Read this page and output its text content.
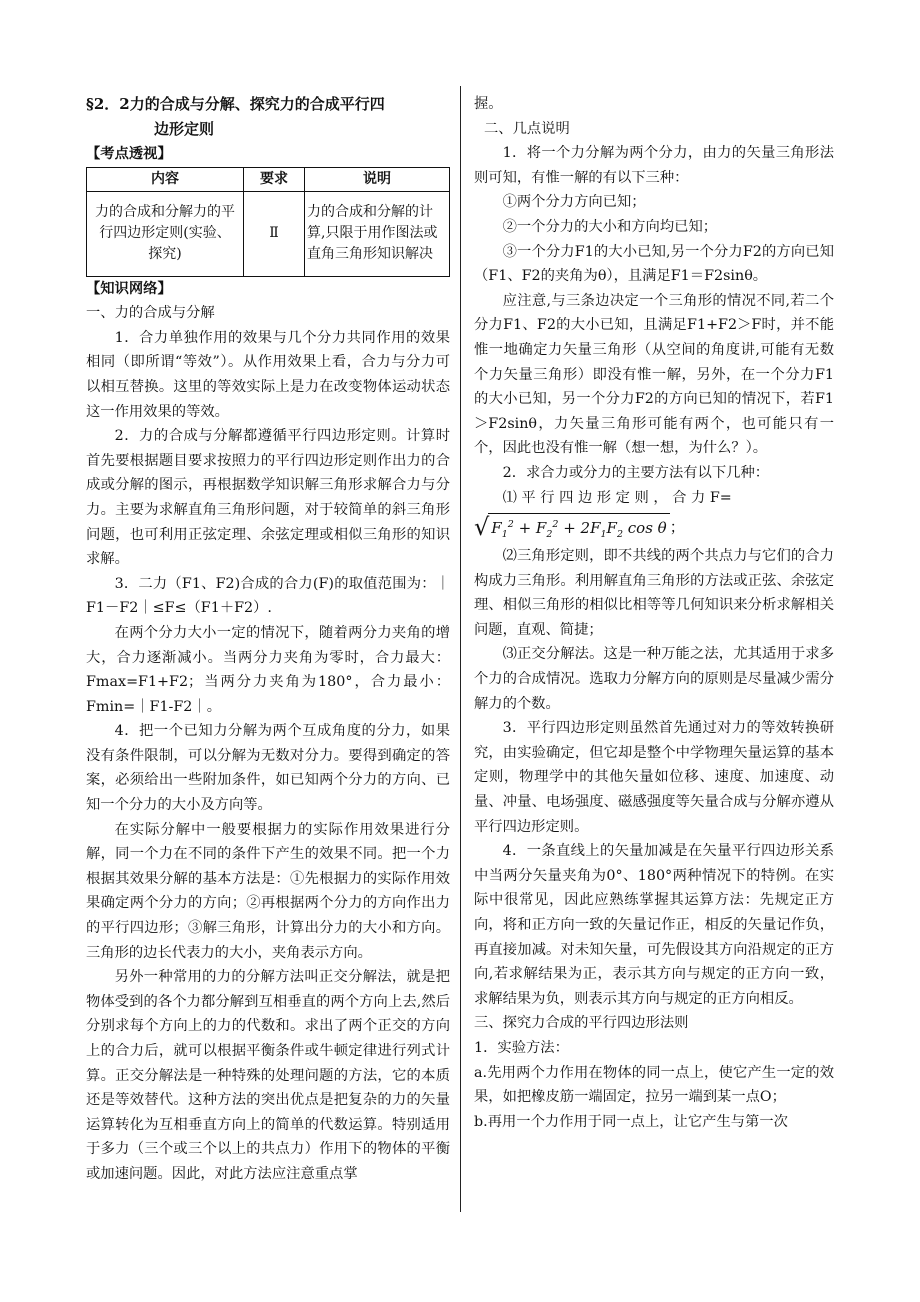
§2．2力的合成与分解、探究力的合成平行四

边形定则

【考点透视】

内容	要求	说明
力的合成和分解力的平行四边形定则(实验、探究)	Ⅱ	力的合成和分解的计算,只限于用作图法或直角三角形知识解决

【知识网络】

一、力的合成与分解

1．合力单独作用的效果与几个分力共同作用的效果相同（即所谓“等效”）。从作用效果上看，合力与分力可以相互替换。这里的等效实际上是力在改变物体运动状态这一作用效果的等效。

2．力的合成与分解都遵循平行四边形定则。计算时首先要根据题目要求按照力的平行四边形定则作出力的合成或分解的图示，再根据数学知识解三角形求解合力与分力。主要为求解直角三角形问题，对于较简单的斜三角形问题，也可利用正弦定理、余弦定理或相似三角形的知识求解。

3．二力（F1、F2)合成的合力(F)的取值范围为：｜F1－F2｜≤F≤（F1＋F2）.

在两个分力大小一定的情况下，随着两分力夹角的增大，合力逐渐减小。当两分力夹角为零时，合力最大：Fmax=F1+F2；当两分力夹角为180°，合力最小：Fmin=｜F1-F2｜。

4．把一个已知力分解为两个互成角度的分力，如果没有条件限制，可以分解为无数对分力。要得到确定的答案，必须给出一些附加条件，如已知两个分力的方向、已知一个分力的大小及方向等。

在实际分解中一般要根据力的实际作用效果进行分解，同一个力在不同的条件下产生的效果不同。把一个力根据其效果分解的基本方法是：①先根据力的实际作用效果确定两个分力的方向；②再根据两个分力的方向作出力的平行四边形；③解三角形，计算出分力的大小和方向。三角形的边长代表力的大小，夹角表示方向。

另外一种常用的力的分解方法叫正交分解法，就是把物体受到的各个力都分解到互相垂直的两个方向上去,然后分别求每个方向上的力的代数和。求出了两个正交的方向上的合力后，就可以根据平衡条件或牛顿定律进行列式计算。正交分解法是一种特殊的处理问题的方法，它的本质还是等效替代。这种方法的突出优点是把复杂的力的矢量运算转化为互相垂直方向上的简单的代数运算。特别适用于多力（三个或三个以上的共点力）作用下的物体的平衡或加速问题。因此，对此方法应注意重点掌

握。

二、几点说明

1．将一个力分解为两个分力，由力的矢量三角形法则可知，有惟一解的有以下三种：

①两个分力方向已知；

②一个分力的大小和方向均已知；

③一个分力F1的大小已知,另一个分力F2的方向已知（F1、F2的夹角为θ），且满足F1＝F2sinθ。

应注意,与三条边决定一个三角形的情况不同,若二个分力F1、F2的大小已知，且满足F1+F2＞F时，并不能惟一地确定力矢量三角形（从空间的角度讲,可能有无数个力矢量三角形）即没有惟一解，另外，在一个分力F1的大小已知，另一个分力F2的方向已知的情况下，若F1＞F2sinθ，力矢量三角形可能有两个，也可能只有一个，因此也没有惟一解（想一想，为什么？）。

2．求合力或分力的主要方法有以下几种：

⑴ 平 行 四 边 形 定 则 ， 合 力 F=

√ $F_1^2 + F_2^2 + 2F_1F_2$ cos θ ；

⑵三角形定则，即不共线的两个共点力与它们的合力构成力三角形。利用解直角三角形的方法或正弦、余弦定理、相似三角形的相似比相等等几何知识来分析求解相关问题，直观、简捷；

⑶正交分解法。这是一种万能之法，尤其适用于求多个力的合成情况。选取力分解方向的原则是尽量减少需分解力的个数。

3．平行四边形定则虽然首先通过对力的等效转换研究，由实验确定，但它却是整个中学物理矢量运算的基本定则，物理学中的其他矢量如位移、速度、加速度、动量、冲量、电场强度、磁感强度等矢量合成与分解亦遵从平行四边形定则。

4．一条直线上的矢量加减是在矢量平行四边形关系中当两分矢量夹角为0°、180°两种情况下的特例。在实际中很常见，因此应熟练掌握其运算方法：先规定正方向，将和正方向一致的矢量记作正，相反的矢量记作负，再直接加减。对未知矢量，可先假设其方向沿规定的正方向,若求解结果为正，表示其方向与规定的正方向一致，求解结果为负，则表示其方向与规定的正方向相反。

三、探究力合成的平行四边形法则

1．实验方法：

a.先用两个力作用在物体的同一点上，使它产生一定的效果，如把橡皮筋一端固定，拉另一端到某一点O；

b.再用一个力作用于同一点上，让它产生与第一次
